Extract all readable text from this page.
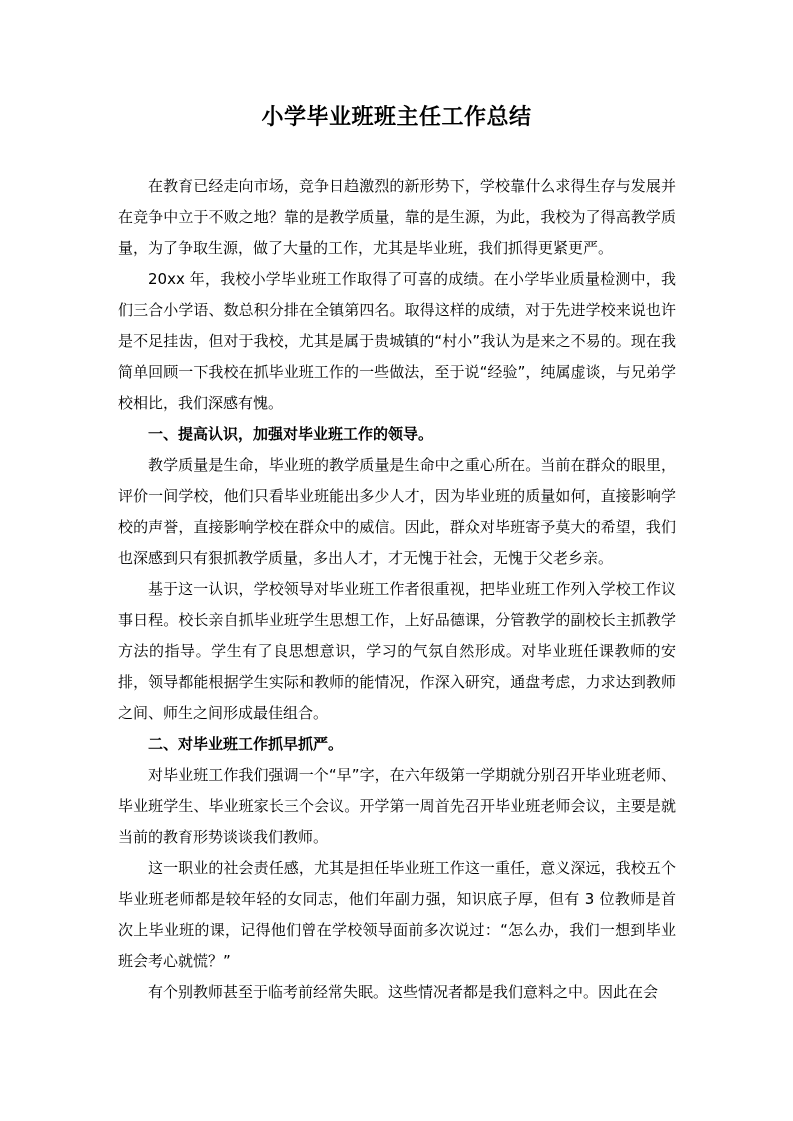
小学毕业班班主任工作总结

在教育已经走向市场，竞争日趋激烈的新形势下，学校靠什么求得生存与发展并在竞争中立于不败之地？靠的是教学质量，靠的是生源，为此，我校为了得高教学质量，为了争取生源，做了大量的工作，尤其是毕业班，我们抓得更紧更严。

20xx 年，我校小学毕业班工作取得了可喜的成绩。在小学毕业质量检测中，我们三合小学语、数总积分排在全镇第四名。取得这样的成绩，对于先进学校来说也许是不足挂齿，但对于我校，尤其是属于贵城镇的“村小”我认为是来之不易的。现在我简单回顾一下我校在抓毕业班工作的一些做法，至于说“经验”，纯属虚谈，与兄弟学校相比，我们深感有愧。

一、提高认识，加强对毕业班工作的领导。

教学质量是生命，毕业班的教学质量是生命中之重心所在。当前在群众的眼里，评价一间学校，他们只看毕业班能出多少人才，因为毕业班的质量如何，直接影响学校的声誉，直接影响学校在群众中的威信。因此，群众对毕班寄予莫大的希望，我们也深感到只有狠抓教学质量，多出人才，才无愧于社会，无愧于父老乡亲。

基于这一认识，学校领导对毕业班工作者很重视，把毕业班工作列入学校工作议事日程。校长亲自抓毕业班学生思想工作，上好品德课，分管教学的副校长主抓教学方法的指导。学生有了良思想意识，学习的气氛自然形成。对毕业班任课教师的安排，领导都能根据学生实际和教师的能情况，作深入研究，通盘考虑，力求达到教师之间、师生之间形成最佳组合。

二、对毕业班工作抓早抓严。

对毕业班工作我们强调一个“早”字，在六年级第一学期就分别召开毕业班老师、毕业班学生、毕业班家长三个会议。开学第一周首先召开毕业班老师会议，主要是就当前的教育形势谈谈我们教师。

这一职业的社会责任感，尤其是担任毕业班工作这一重任，意义深远，我校五个毕业班老师都是较年轻的女同志，他们年副力强，知识底子厚，但有 3 位教师是首次上毕业班的课，记得他们曾在学校领导面前多次说过：“怎么办，我们一想到毕业班会考心就慌？”

有个别教师甚至于临考前经常失眠。这些情况者都是我们意料之中。因此在会
